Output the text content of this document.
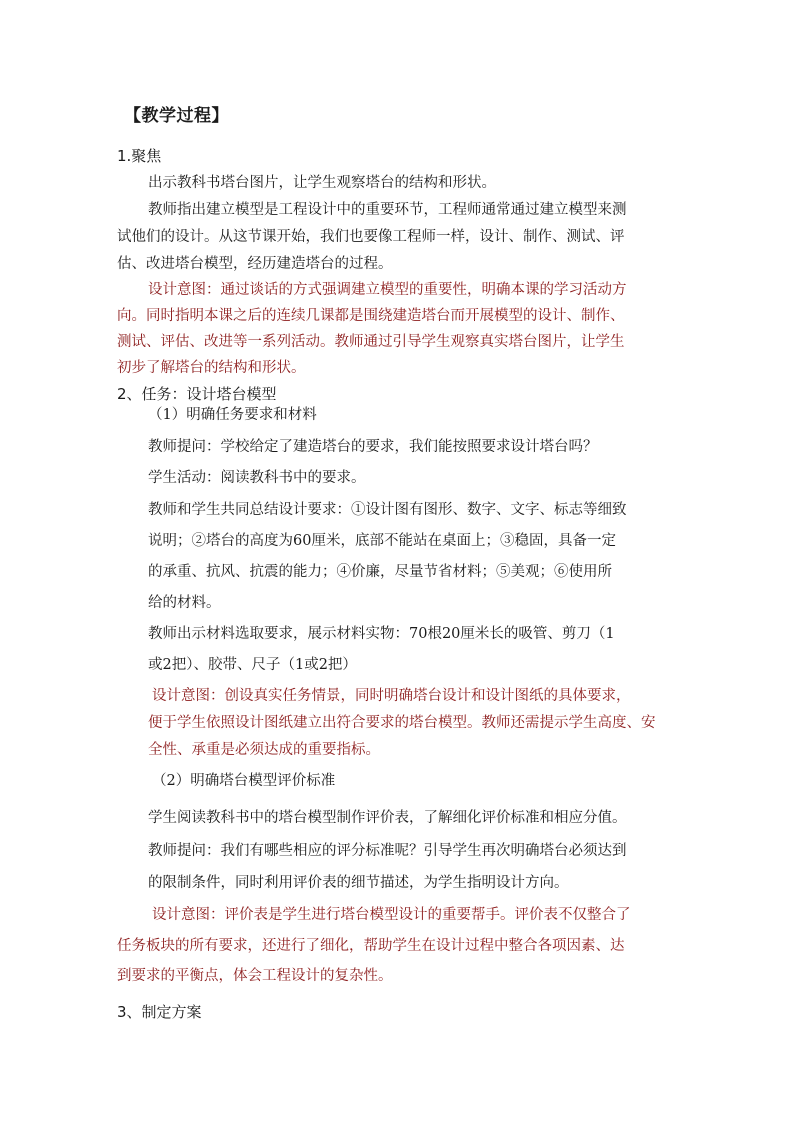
【教学过程】
1.聚焦
出示教科书塔台图片，让学生观察塔台的结构和形状。
教师指出建立模型是工程设计中的重要环节，工程师通常通过建立模型来测
试他们的设计。从这节课开始，我们也要像工程师一样，设计、制作、测试、评
估、改进塔台模型，经历建造塔台的过程。
设计意图：通过谈话的方式强调建立模型的重要性，明确本课的学习活动方
向。同时指明本课之后的连续几课都是围绕建造塔台而开展模型的设计、制作、
测试、评估、改进等一系列活动。教师通过引导学生观察真实塔台图片，让学生
初步了解塔台的结构和形状。
2、任务：设计塔台模型
（1）明确任务要求和材料
教师提问：学校给定了建造塔台的要求，我们能按照要求设计塔台吗？
学生活动：阅读教科书中的要求。
教师和学生共同总结设计要求：①设计图有图形、数字、文字、标志等细致
说明；②塔台的高度为60厘米，底部不能站在桌面上；③稳固，具备一定
的承重、抗风、抗震的能力；④价廉，尽量节省材料；⑤美观；⑥使用所
给的材料。
教师出示材料选取要求，展示材料实物：70根20厘米长的吸管、剪刀（1
或2把）、胶带、尺子（1或2把）
设计意图：创设真实任务情景，同时明确塔台设计和设计图纸的具体要求，
便于学生依照设计图纸建立出符合要求的塔台模型。教师还需提示学生高度、安
全性、承重是必须达成的重要指标。
（2）明确塔台模型评价标准
学生阅读教科书中的塔台模型制作评价表，了解细化评价标准和相应分值。
教师提问：我们有哪些相应的评分标准呢？引导学生再次明确塔台必须达到
的限制条件，同时利用评价表的细节描述，为学生指明设计方向。
设计意图：评价表是学生进行塔台模型设计的重要帮手。评价表不仅整合了
任务板块的所有要求，还进行了细化，帮助学生在设计过程中整合各项因素、达
到要求的平衡点，体会工程设计的复杂性。
3、制定方案
